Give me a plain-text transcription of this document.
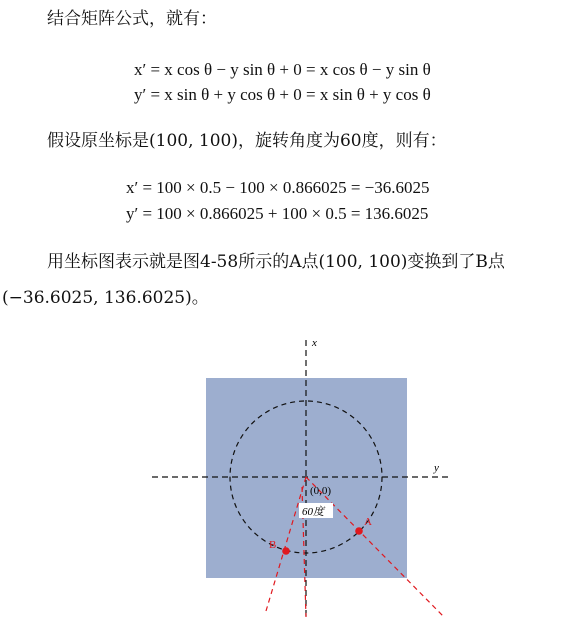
结合矩阵公式，就有：
x′ = x cos θ − y sin θ + 0 = x cos θ − y sin θ
y′ = x sin θ + y cos θ + 0 = x sin θ + y cos θ
假设原坐标是(100, 100)，旋转角度为60度，则有：
x′ = 100 × 0.5 − 100 × 0.866025 = −36.6025
y′ = 100 × 0.866025 + 100 × 0.5 = 136.6025
用坐标图表示就是图4-58所示的A点(100, 100)变换到了B点
(−36.6025, 136.6025)。
x
y
(0,0)
60度
A
B
